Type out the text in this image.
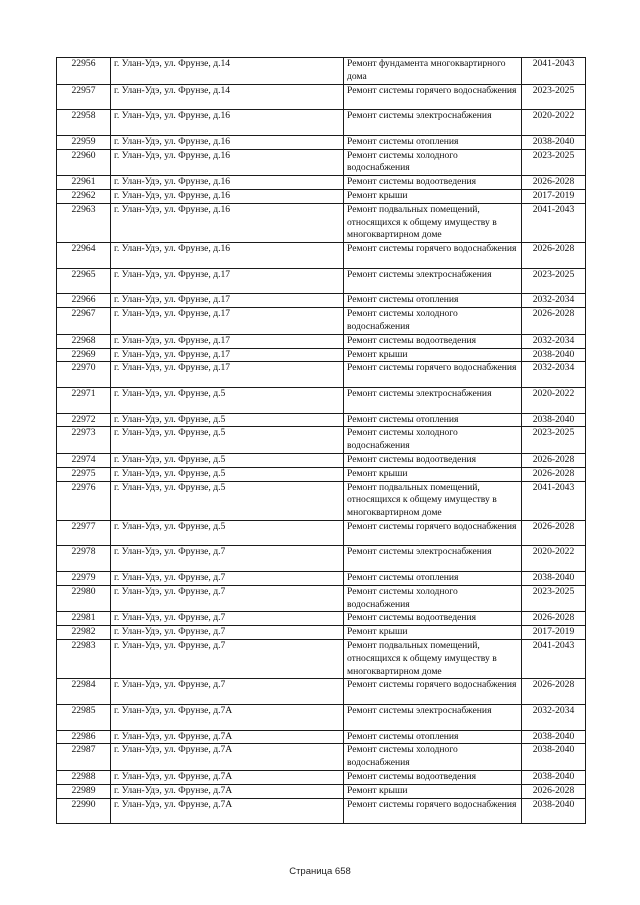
22956	г. Улан-Удэ, ул. Фрунзе, д.14	Ремонт фундамента многоквартирного дома	2041-2043
22957	г. Улан-Удэ, ул. Фрунзе, д.14	Ремонт системы горячего водоснабжения	2023-2025
22958	г. Улан-Удэ, ул. Фрунзе, д.16	Ремонт системы электроснабжения	2020-2022
22959	г. Улан-Удэ, ул. Фрунзе, д.16	Ремонт системы отопления	2038-2040
22960	г. Улан-Удэ, ул. Фрунзе, д.16	Ремонт системы холодного водоснабжения	2023-2025
22961	г. Улан-Удэ, ул. Фрунзе, д.16	Ремонт системы водоотведения	2026-2028
22962	г. Улан-Удэ, ул. Фрунзе, д.16	Ремонт крыши	2017-2019
22963	г. Улан-Удэ, ул. Фрунзе, д.16	Ремонт подвальных помещений, относящихся к общему имуществу в многоквартирном доме	2041-2043
22964	г. Улан-Удэ, ул. Фрунзе, д.16	Ремонт системы горячего водоснабжения	2026-2028
22965	г. Улан-Удэ, ул. Фрунзе, д.17	Ремонт системы электроснабжения	2023-2025
22966	г. Улан-Удэ, ул. Фрунзе, д.17	Ремонт системы отопления	2032-2034
22967	г. Улан-Удэ, ул. Фрунзе, д.17	Ремонт системы холодного водоснабжения	2026-2028
22968	г. Улан-Удэ, ул. Фрунзе, д.17	Ремонт системы водоотведения	2032-2034
22969	г. Улан-Удэ, ул. Фрунзе, д.17	Ремонт крыши	2038-2040
22970	г. Улан-Удэ, ул. Фрунзе, д.17	Ремонт системы горячего водоснабжения	2032-2034
22971	г. Улан-Удэ, ул. Фрунзе, д.5	Ремонт системы электроснабжения	2020-2022
22972	г. Улан-Удэ, ул. Фрунзе, д.5	Ремонт системы отопления	2038-2040
22973	г. Улан-Удэ, ул. Фрунзе, д.5	Ремонт системы холодного водоснабжения	2023-2025
22974	г. Улан-Удэ, ул. Фрунзе, д.5	Ремонт системы водоотведения	2026-2028
22975	г. Улан-Удэ, ул. Фрунзе, д.5	Ремонт крыши	2026-2028
22976	г. Улан-Удэ, ул. Фрунзе, д.5	Ремонт подвальных помещений, относящихся к общему имуществу в многоквартирном доме	2041-2043
22977	г. Улан-Удэ, ул. Фрунзе, д.5	Ремонт системы горячего водоснабжения	2026-2028
22978	г. Улан-Удэ, ул. Фрунзе, д.7	Ремонт системы электроснабжения	2020-2022
22979	г. Улан-Удэ, ул. Фрунзе, д.7	Ремонт системы отопления	2038-2040
22980	г. Улан-Удэ, ул. Фрунзе, д.7	Ремонт системы холодного водоснабжения	2023-2025
22981	г. Улан-Удэ, ул. Фрунзе, д.7	Ремонт системы водоотведения	2026-2028
22982	г. Улан-Удэ, ул. Фрунзе, д.7	Ремонт крыши	2017-2019
22983	г. Улан-Удэ, ул. Фрунзе, д.7	Ремонт подвальных помещений, относящихся к общему имуществу в многоквартирном доме	2041-2043
22984	г. Улан-Удэ, ул. Фрунзе, д.7	Ремонт системы горячего водоснабжения	2026-2028
22985	г. Улан-Удэ, ул. Фрунзе, д.7А	Ремонт системы электроснабжения	2032-2034
22986	г. Улан-Удэ, ул. Фрунзе, д.7А	Ремонт системы отопления	2038-2040
22987	г. Улан-Удэ, ул. Фрунзе, д.7А	Ремонт системы холодного водоснабжения	2038-2040
22988	г. Улан-Удэ, ул. Фрунзе, д.7А	Ремонт системы водоотведения	2038-2040
22989	г. Улан-Удэ, ул. Фрунзе, д.7А	Ремонт крыши	2026-2028
22990	г. Улан-Удэ, ул. Фрунзе, д.7А	Ремонт системы горячего водоснабжения	2038-2040
Страница 658
